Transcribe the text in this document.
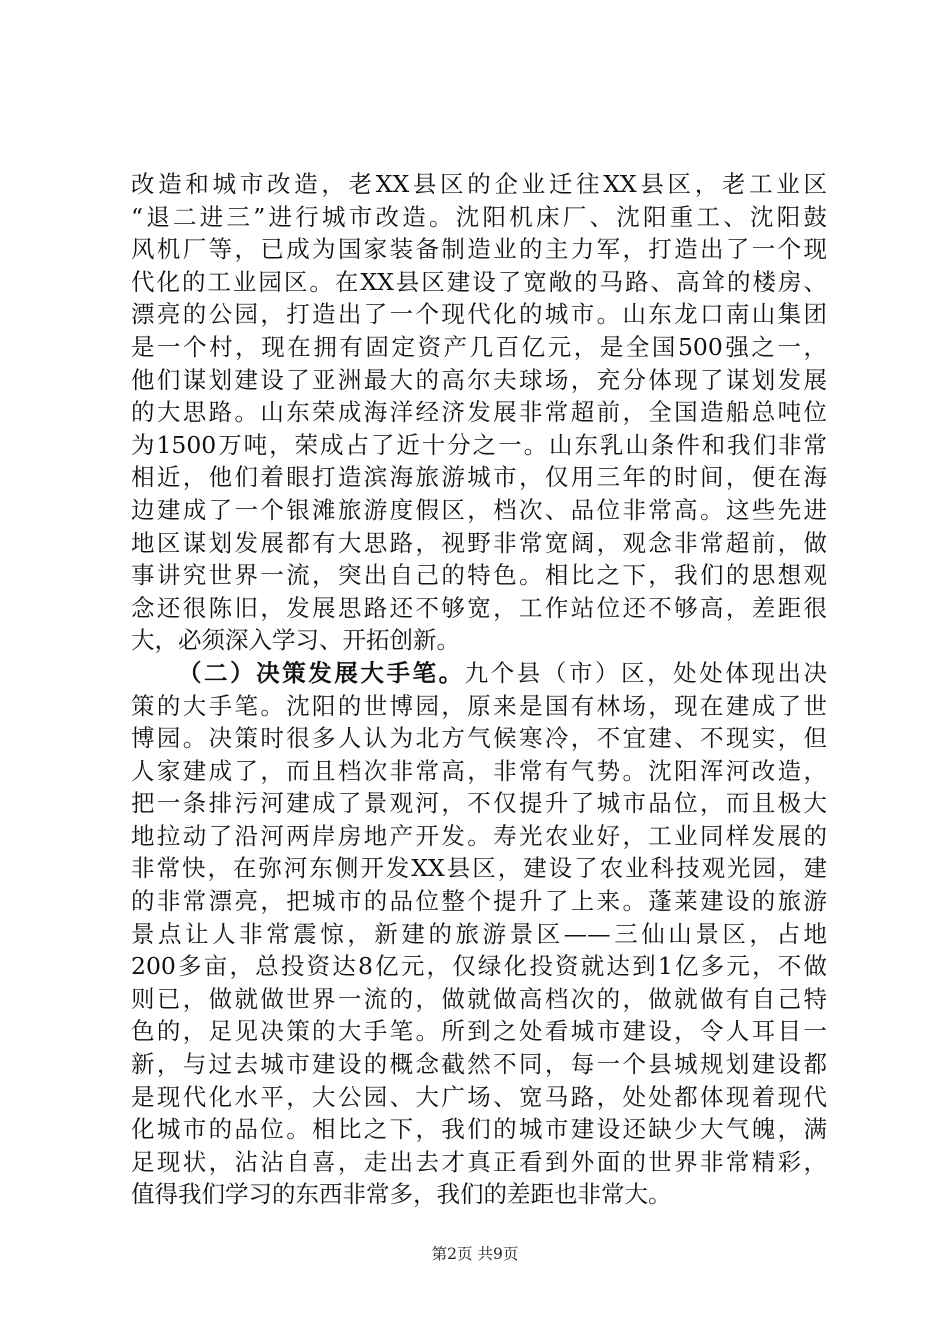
改造和城市改造，老XX县区的企业迁往XX县区，老工业区
“退二进三”进行城市改造。沈阳机床厂、沈阳重工、沈阳鼓
风机厂等，已成为国家装备制造业的主力军，打造出了一个现
代化的工业园区。在XX县区建设了宽敞的马路、高耸的楼房、
漂亮的公园，打造出了一个现代化的城市。山东龙口南山集团
是一个村，现在拥有固定资产几百亿元，是全国500强之一，
他们谋划建设了亚洲最大的高尔夫球场，充分体现了谋划发展
的大思路。山东荣成海洋经济发展非常超前，全国造船总吨位
为1500万吨，荣成占了近十分之一。山东乳山条件和我们非常
相近，他们着眼打造滨海旅游城市，仅用三年的时间，便在海
边建成了一个银滩旅游度假区，档次、品位非常高。这些先进
地区谋划发展都有大思路，视野非常宽阔，观念非常超前，做
事讲究世界一流，突出自己的特色。相比之下，我们的思想观
念还很陈旧，发展思路还不够宽，工作站位还不够高，差距很
大，必须深入学习、开拓创新。
（二）决策发展大手笔。九个县（市）区，处处体现出决
策的大手笔。沈阳的世博园，原来是国有林场，现在建成了世
博园。决策时很多人认为北方气候寒冷，不宜建、不现实，但
人家建成了，而且档次非常高，非常有气势。沈阳浑河改造，
把一条排污河建成了景观河，不仅提升了城市品位，而且极大
地拉动了沿河两岸房地产开发。寿光农业好，工业同样发展的
非常快，在弥河东侧开发XX县区，建设了农业科技观光园，建
的非常漂亮，把城市的品位整个提升了上来。蓬莱建设的旅游
景点让人非常震惊，新建的旅游景区——三仙山景区，占地
200多亩，总投资达8亿元，仅绿化投资就达到1亿多元，不做
则已，做就做世界一流的，做就做高档次的，做就做有自己特
色的，足见决策的大手笔。所到之处看城市建设，令人耳目一
新，与过去城市建设的概念截然不同，每一个县城规划建设都
是现代化水平，大公园、大广场、宽马路，处处都体现着现代
化城市的品位。相比之下，我们的城市建设还缺少大气魄，满
足现状，沾沾自喜，走出去才真正看到外面的世界非常精彩，
值得我们学习的东西非常多，我们的差距也非常大。
第2页 共9页
